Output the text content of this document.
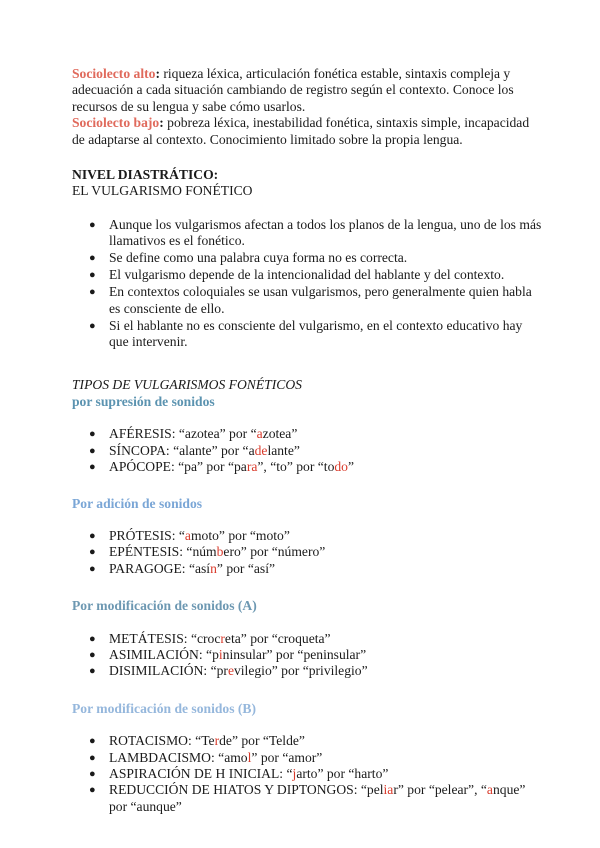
Sociolecto alto: riqueza léxica, articulación fonética estable, sintaxis compleja y adecuación a cada situación cambiando de registro según el contexto. Conoce los recursos de su lengua y sabe cómo usarlos.

Sociolecto bajo: pobreza léxica, inestabilidad fonética, sintaxis simple, incapacidad de adaptarse al contexto. Conocimiento limitado sobre la propia lengua.

NIVEL DIASTRÁTICO:

EL VULGARISMO FONÉTICO

● Aunque los vulgarismos afectan a todos los planos de la lengua, uno de los más llamativos es el fonético.
● Se define como una palabra cuya forma no es correcta.
● El vulgarismo depende de la intencionalidad del hablante y del contexto.
● En contextos coloquiales se usan vulgarismos, pero generalmente quien habla es consciente de ello.
● Si el hablante no es consciente del vulgarismo, en el contexto educativo hay que intervenir.

TIPOS DE VULGARISMOS FONÉTICOS

por supresión de sonidos

● AFÉRESIS: “azotea” por “azotea”
● SÍNCOPA: “alante” por “adelante”
● APÓCOPE: “pa” por “para”, “to” por “todo”

Por adición de sonidos

● PRÓTESIS: “amoto” por “moto”
● EPÉNTESIS: “númbero” por “número”
● PARAGOGE: “asín” por “así”

Por modificación de sonidos (A)

● METÁTESIS: “crocreta” por “croqueta”
● ASIMILACIÓN: “pininsular” por “peninsular”
● DISIMILACIÓN: “previlegio” por “privilegio”

Por modificación de sonidos (B)

● ROTACISMO: “Terde” por “Telde”
● LAMBDACISMO: “amol” por “amor”
● ASPIRACIÓN DE H INICIAL: “jarto” por “harto”
● REDUCCIÓN DE HIATOS Y DIPTONGOS: “peliar” por “pelear”, “anque” por “aunque”
